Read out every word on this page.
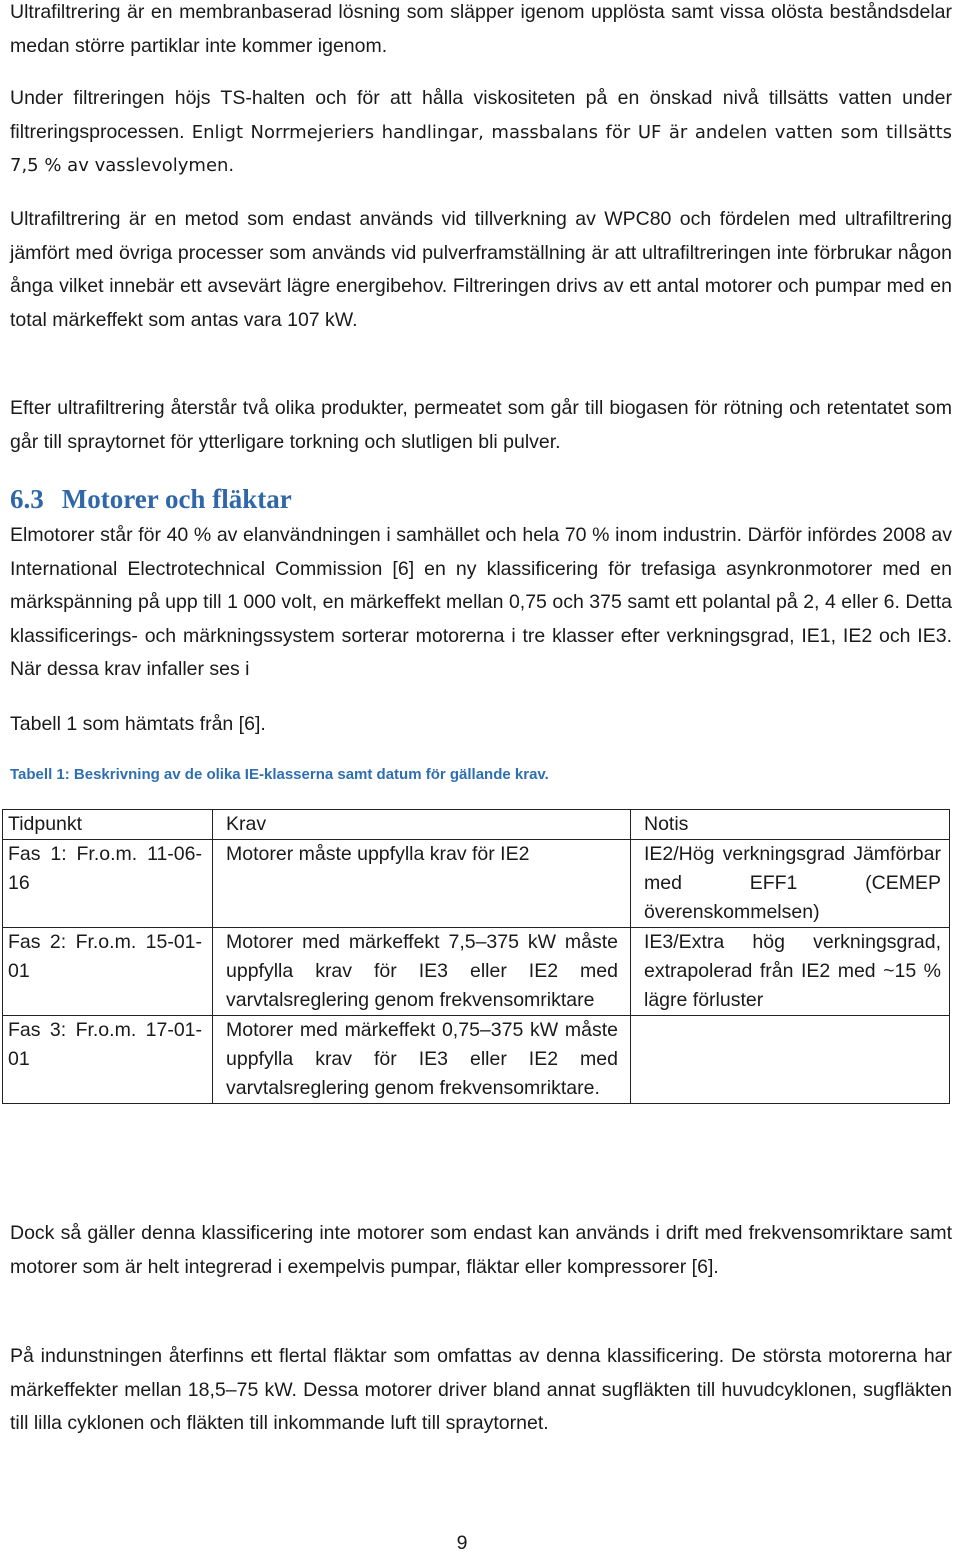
Ultrafiltrering är en membranbaserad lösning som släpper igenom upplösta samt vissa olösta beståndsdelar medan större partiklar inte kommer igenom.

Under filtreringen höjs TS-halten och för att hålla viskositeten på en önskad nivå tillsätts vatten under filtreringsprocessen. Enligt Norrmejeriers handlingar, massbalans för UF är andelen vatten som tillsätts 7,5 % av vasslevolymen.

Ultrafiltrering är en metod som endast används vid tillverkning av WPC80 och fördelen med ultrafiltrering jämfört med övriga processer som används vid pulverframställning är att ultrafiltreringen inte förbrukar någon ånga vilket innebär ett avsevärt lägre energibehov. Filtreringen drivs av ett antal motorer och pumpar med en total märkeffekt som antas vara 107 kW.

Efter ultrafiltrering återstår två olika produkter, permeatet som går till biogasen för rötning och retentatet som går till spraytornet för ytterligare torkning och slutligen bli pulver.

6.3 Motorer och fläktar

Elmotorer står för 40 % av elanvändningen i samhället och hela 70 % inom industrin. Därför infördes 2008 av International Electrotechnical Commission [6] en ny klassificering för trefasiga asynkronmotorer med en märkspänning på upp till 1 000 volt, en märkeffekt mellan 0,75 och 375 samt ett polantal på 2, 4 eller 6. Detta klassificerings- och märkningssystem sorterar motorerna i tre klasser efter verkningsgrad, IE1, IE2 och IE3. När dessa krav infaller ses i

Tabell 1 som hämtats från [6].

Tabell 1: Beskrivning av de olika IE-klasserna samt datum för gällande krav.

Tidpunkt	Krav	Notis
Fas 1: Fr.o.m. 11-06-16	Motorer måste uppfylla krav för IE2	IE2/Hög verkningsgrad Jämförbar med EFF1 (CEMEP överenskommelsen)
Fas 2: Fr.o.m. 15-01-01	Motorer med märkeffekt 7,5–375 kW måste uppfylla krav för IE3 eller IE2 med varvtalsreglering genom frekvensomriktare	IE3/Extra hög verkningsgrad, extrapolerad från IE2 med ~15 % lägre förluster
Fas 3: Fr.o.m. 17-01-01	Motorer med märkeffekt 0,75–375 kW måste uppfylla krav för IE3 eller IE2 med varvtalsreglering genom frekvensomriktare.	

Dock så gäller denna klassificering inte motorer som endast kan används i drift med frekvensomriktare samt motorer som är helt integrerad i exempelvis pumpar, fläktar eller kompressorer [6].

På indunstningen återfinns ett flertal fläktar som omfattas av denna klassificering. De största motorerna har märkeffekter mellan 18,5–75 kW. Dessa motorer driver bland annat sugfläkten till huvudcyklonen, sugfläkten till lilla cyklonen och fläkten till inkommande luft till spraytornet.

9
